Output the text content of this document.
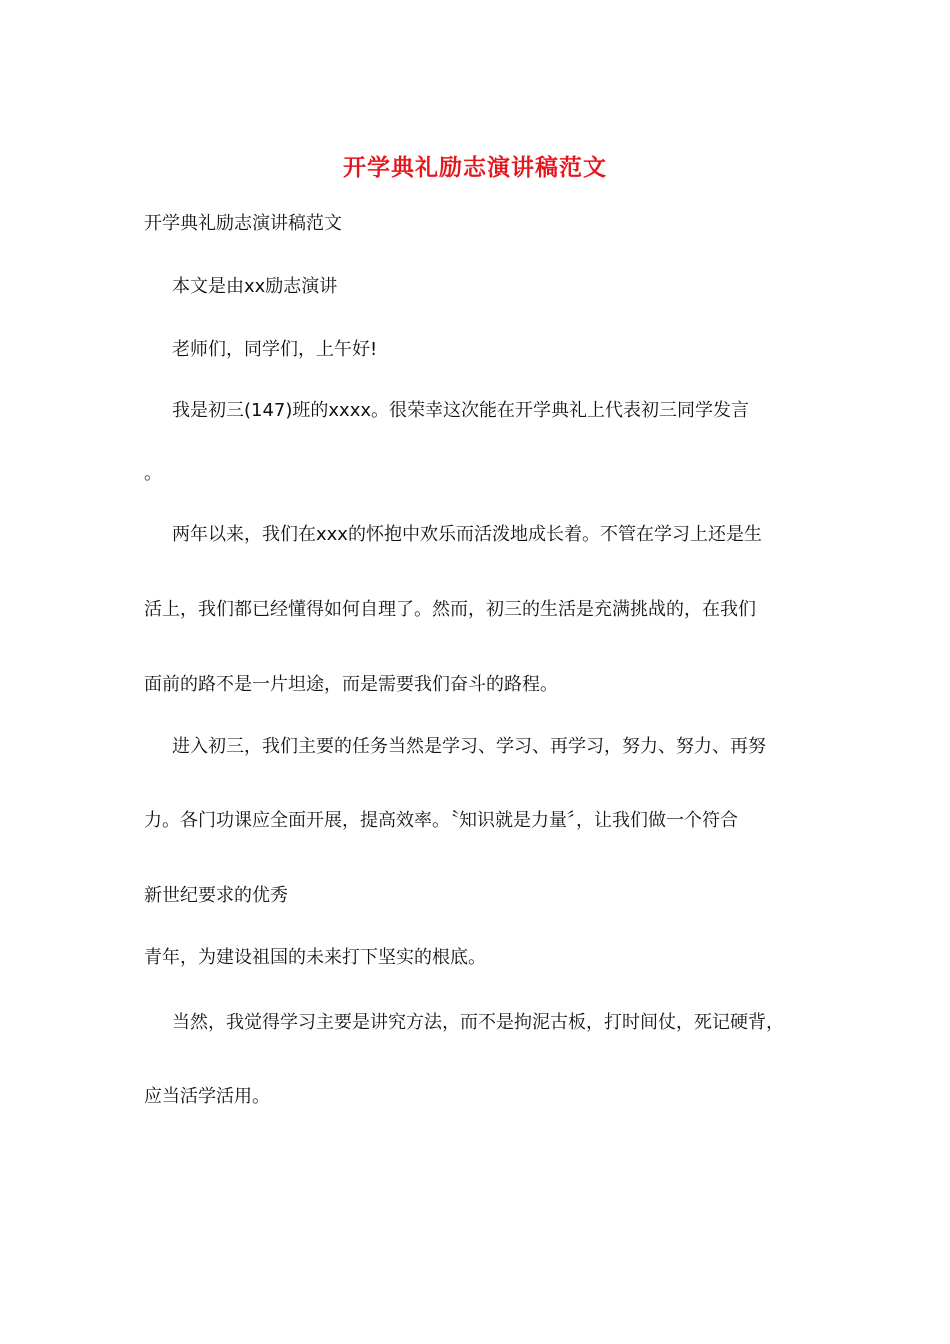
开学典礼励志演讲稿范文
开学典礼励志演讲稿范文
本文是由xx励志演讲
老师们，同学们，上午好!
我是初三(147)班的xxxx。很荣幸这次能在开学典礼上代表初三同学发言
。
两年以来，我们在xxx的怀抱中欢乐而活泼地成长着。不管在学习上还是生
活上，我们都已经懂得如何自理了。然而，初三的生活是充满挑战的，在我们
面前的路不是一片坦途，而是需要我们奋斗的路程。
进入初三，我们主要的任务当然是学习、学习、再学习，努力、努力、再努
力。各门功课应全面开展，提高效率。〝知识就是力量〞，让我们做一个符合
新世纪要求的优秀
青年，为建设祖国的未来打下坚实的根底。
当然，我觉得学习主要是讲究方法，而不是拘泥古板，打时间仗，死记硬背，
应当活学活用。
